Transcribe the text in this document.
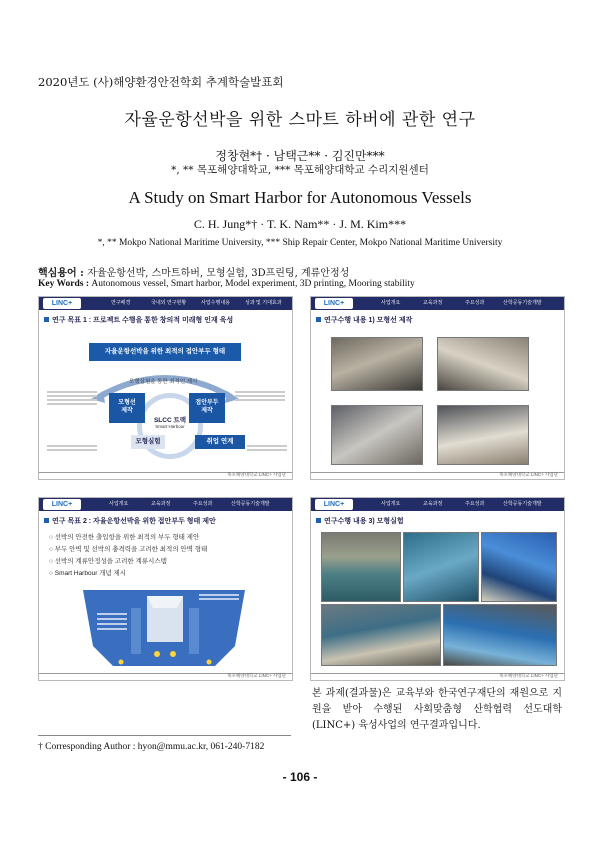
2020년도 (사)해양환경안전학회 추계학술발표회
자율운항선박을 위한 스마트 하버에 관한 연구
정창현*† · 남택근** · 김진만***
*, ** 목포해양대학교, *** 목포해양대학교 수리지원센터
A Study on Smart Harbor for Autonomous Vessels
C. H. Jung*† · T. K. Nam** · J. M. Kim***
*, ** Mokpo National Maritime University, *** Ship Repair Center, Mokpo National Maritime University
핵심용어 : 자율운항선박, 스마트하버, 모형실험, 3D프린팅, 계류안정성
Key Words : Autonomous vessel, Smart harbor, Model experiment, 3D printing, Mooring stability
LINC+	연구배경	국내외 연구현황	사업수행내용	성과 및 기대효과
연구 목표 1 : 프로젝트 수행을 통한 창의적 미래형 인재 육성
자율운항선박을 위한 최적의 접안부두 형태
모형실험을 통한 최적인 제시
SLCC 트랙
Smart Harbour
모형선
제작
접안부두
제작
모형실험	취업 연계
목포해양대학교 LINC+ 사업단
LINC+	사업개요	교육과정	주요성과	산학공동기술개발
연구수행 내용 1) 모형선 제작
목포해양대학교 LINC+ 사업단
LINC+	사업개요	교육과정	주요성과	산학공동기술개발
연구 목표 2 : 자율운항선박을 위한 접안부두 형태 제안
○ 선박의 안전한 출입항을 위한 최적의 부두 형태 제안
○ 부두 안벽 및 선박의 충격력을 고려한 최적의 안벽 형태
○ 선박의 계류안정성을 고려한 계류시스템
○ Smart Harbour 개념 제시
목포해양대학교 LINC+ 사업단
LINC+	사업개요	교육과정	주요성과	산학공동기술개발
연구수행 내용 3) 모형실험
목포해양대학교 LINC+ 사업단
본 과제(결과물)은 교육부와 한국연구재단의 재원으로 지원을 받아 수행된 사회맞춤형 산학협력 선도대학(LINC+) 육성사업의 연구결과입니다.
† Corresponding Author : hyon@mmu.ac.kr, 061-240-7182
- 106 -
